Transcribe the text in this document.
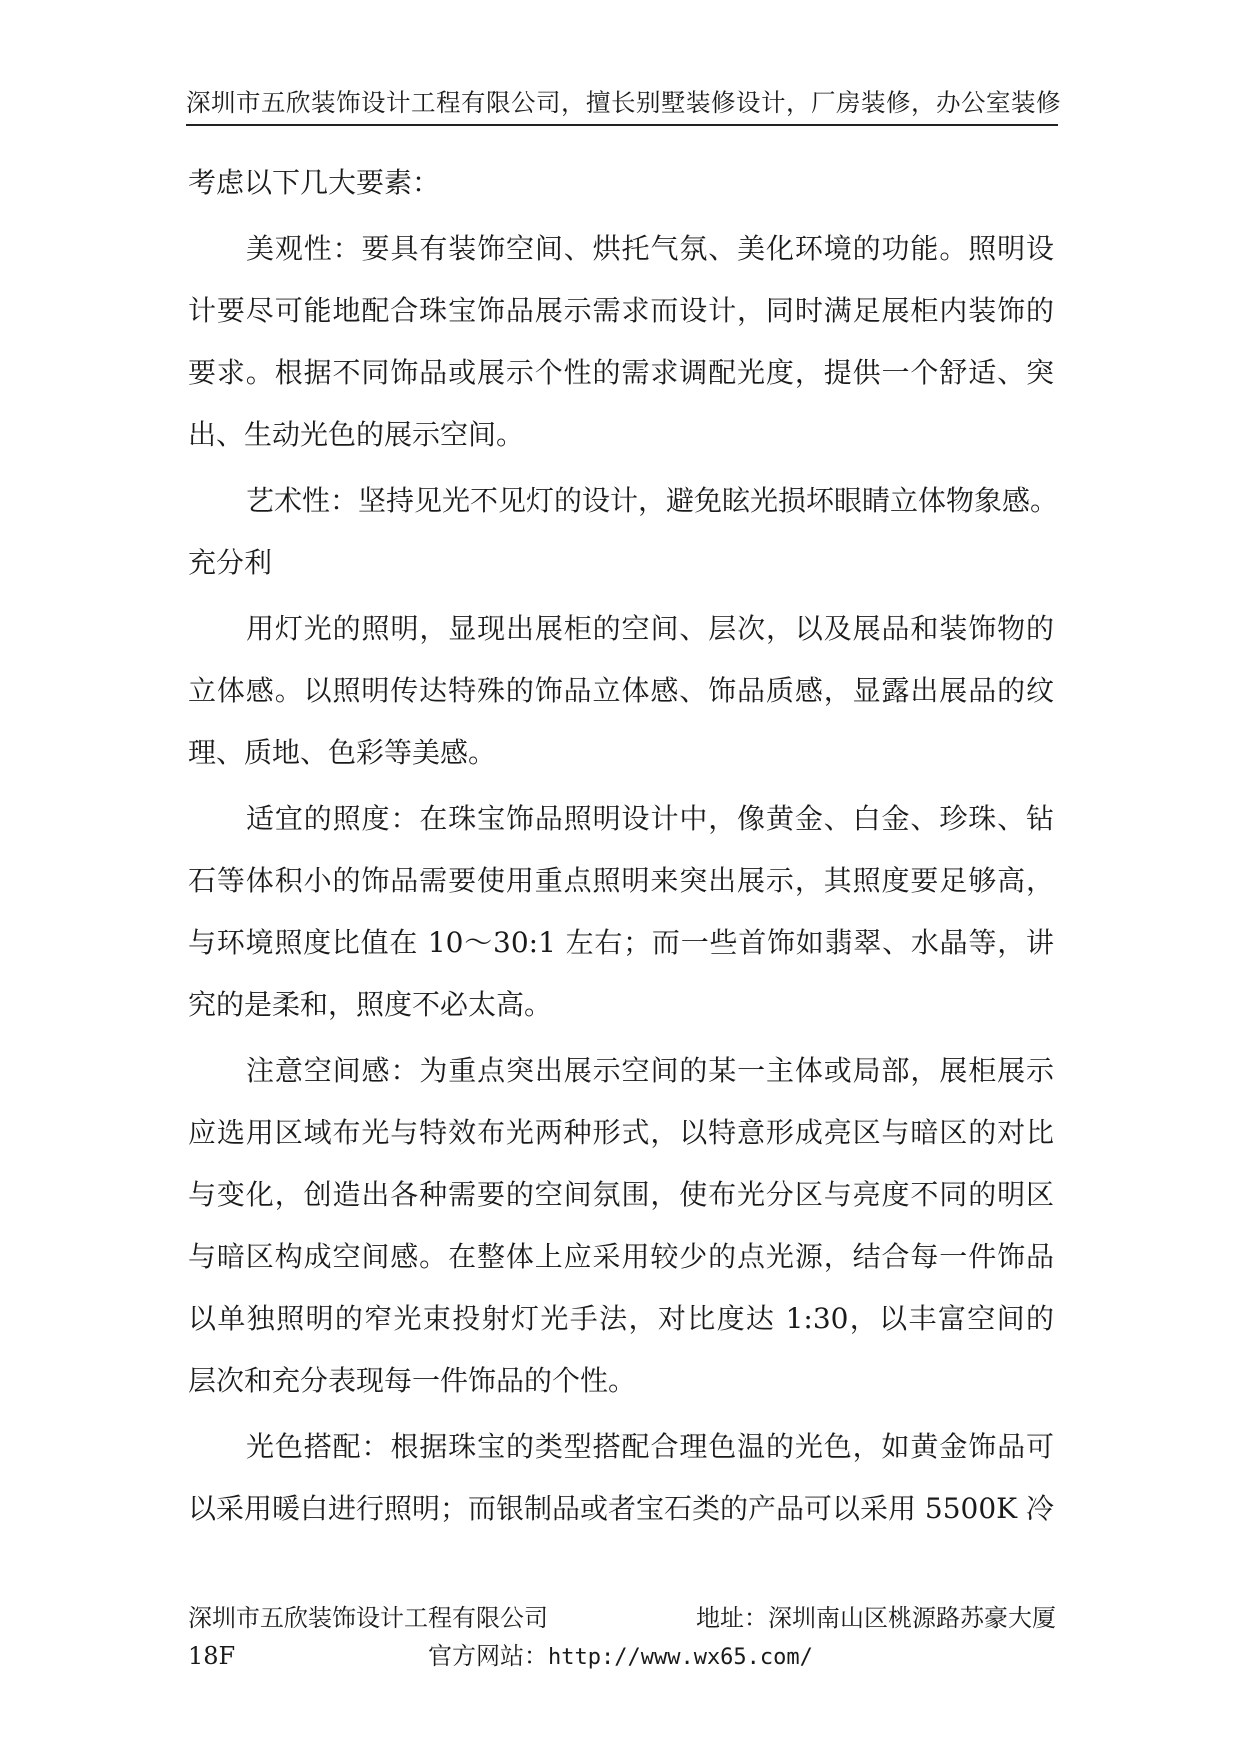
深圳市五欣装饰设计工程有限公司，擅长别墅装修设计，厂房装修，办公室装修
考虑以下几大要素：
美观性：要具有装饰空间、烘托气氛、美化环境的功能。照明设
计要尽可能地配合珠宝饰品展示需求而设计，同时满足展柜内装饰的
要求。根据不同饰品或展示个性的需求调配光度，提供一个舒适、突
出、生动光色的展示空间。
艺术性：坚持见光不见灯的设计，避免眩光损坏眼睛立体物象感。
充分利
用灯光的照明，显现出展柜的空间、层次，以及展品和装饰物的
立体感。以照明传达特殊的饰品立体感、饰品质感，显露出展品的纹
理、质地、色彩等美感。
适宜的照度：在珠宝饰品照明设计中，像黄金、白金、珍珠、钻
石等体积小的饰品需要使用重点照明来突出展示，其照度要足够高，
与环境照度比值在 10～30:1 左右；而一些首饰如翡翠、水晶等，讲
究的是柔和，照度不必太高。
注意空间感：为重点突出展示空间的某一主体或局部，展柜展示
应选用区域布光与特效布光两种形式，以特意形成亮区与暗区的对比
与变化，创造出各种需要的空间氛围，使布光分区与亮度不同的明区
与暗区构成空间感。在整体上应采用较少的点光源，结合每一件饰品
以单独照明的窄光束投射灯光手法，对比度达 1:30，以丰富空间的
层次和充分表现每一件饰品的个性。
光色搭配：根据珠宝的类型搭配合理色温的光色，如黄金饰品可
以采用暖白进行照明；而银制品或者宝石类的产品可以采用 5500K 冷
深圳市五欣装饰设计工程有限公司	地址：深圳南山区桃源路苏豪大厦
18F	官方网站：http://www.wx65.com/
